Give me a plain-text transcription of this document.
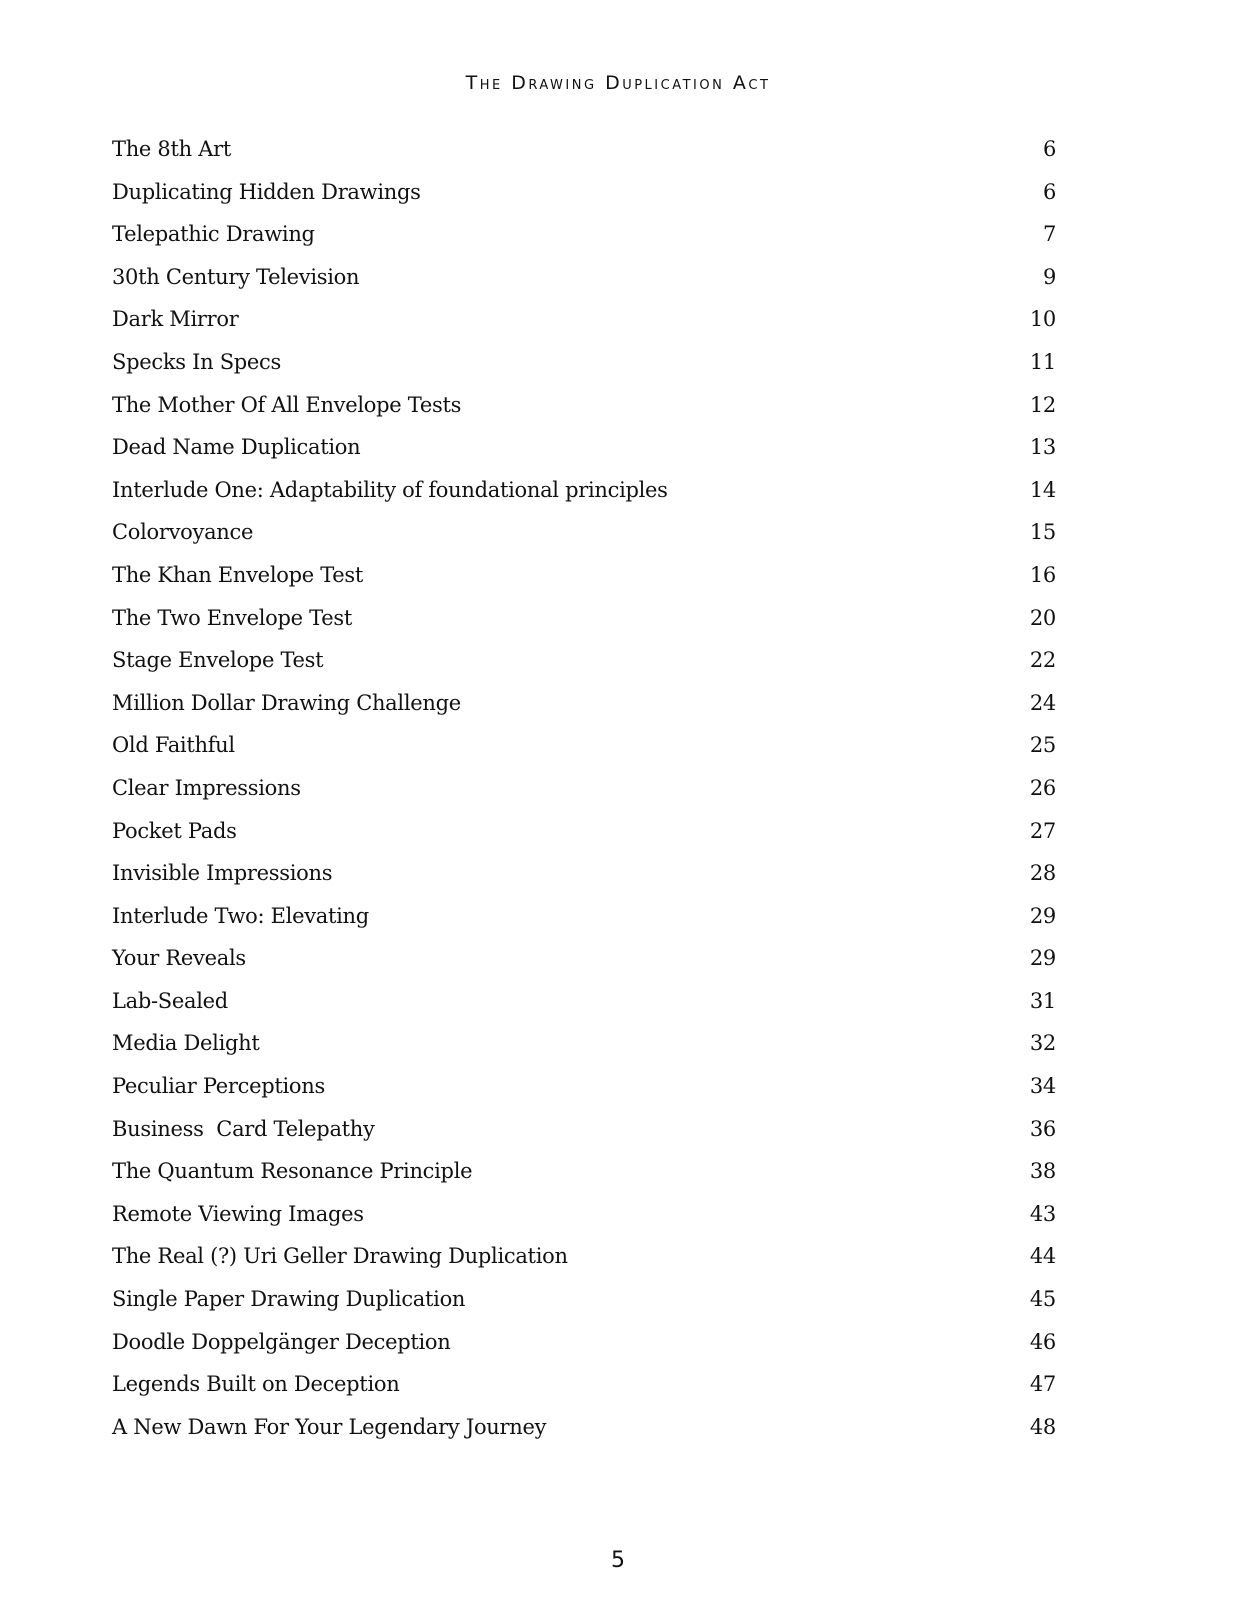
The Drawing Duplication Act
The 8th Art	6
Duplicating Hidden Drawings	6
Telepathic Drawing	7
30th Century Television	9
Dark Mirror	10
Specks In Specs	11
The Mother Of All Envelope Tests	12
Dead Name Duplication	13
Interlude One: Adaptability of foundational principles	14
Colorvoyance	15
The Khan Envelope Test	16
The Two Envelope Test	20
Stage Envelope Test	22
Million Dollar Drawing Challenge	24
Old Faithful	25
Clear Impressions	26
Pocket Pads	27
Invisible Impressions	28
Interlude Two: Elevating	29
Your Reveals	29
Lab-Sealed	31
Media Delight	32
Peculiar Perceptions	34
Business  Card Telepathy	36
The Quantum Resonance Principle	38
Remote Viewing Images	43
The Real (?) Uri Geller Drawing Duplication	44
Single Paper Drawing Duplication	45
Doodle Doppelgänger Deception	46
Legends Built on Deception	47
A New Dawn For Your Legendary Journey	48
5
